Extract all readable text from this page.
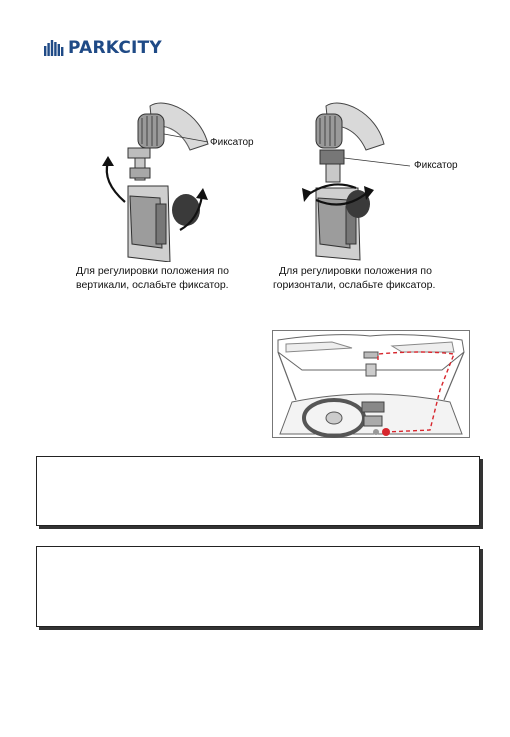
PARKCITY
Фиксатор
Для регулировки положения по
вертикали, ослабьте фиксатор.
Фиксатор
Для регулировки положения по
горизонтали, ослабьте фиксатор.
